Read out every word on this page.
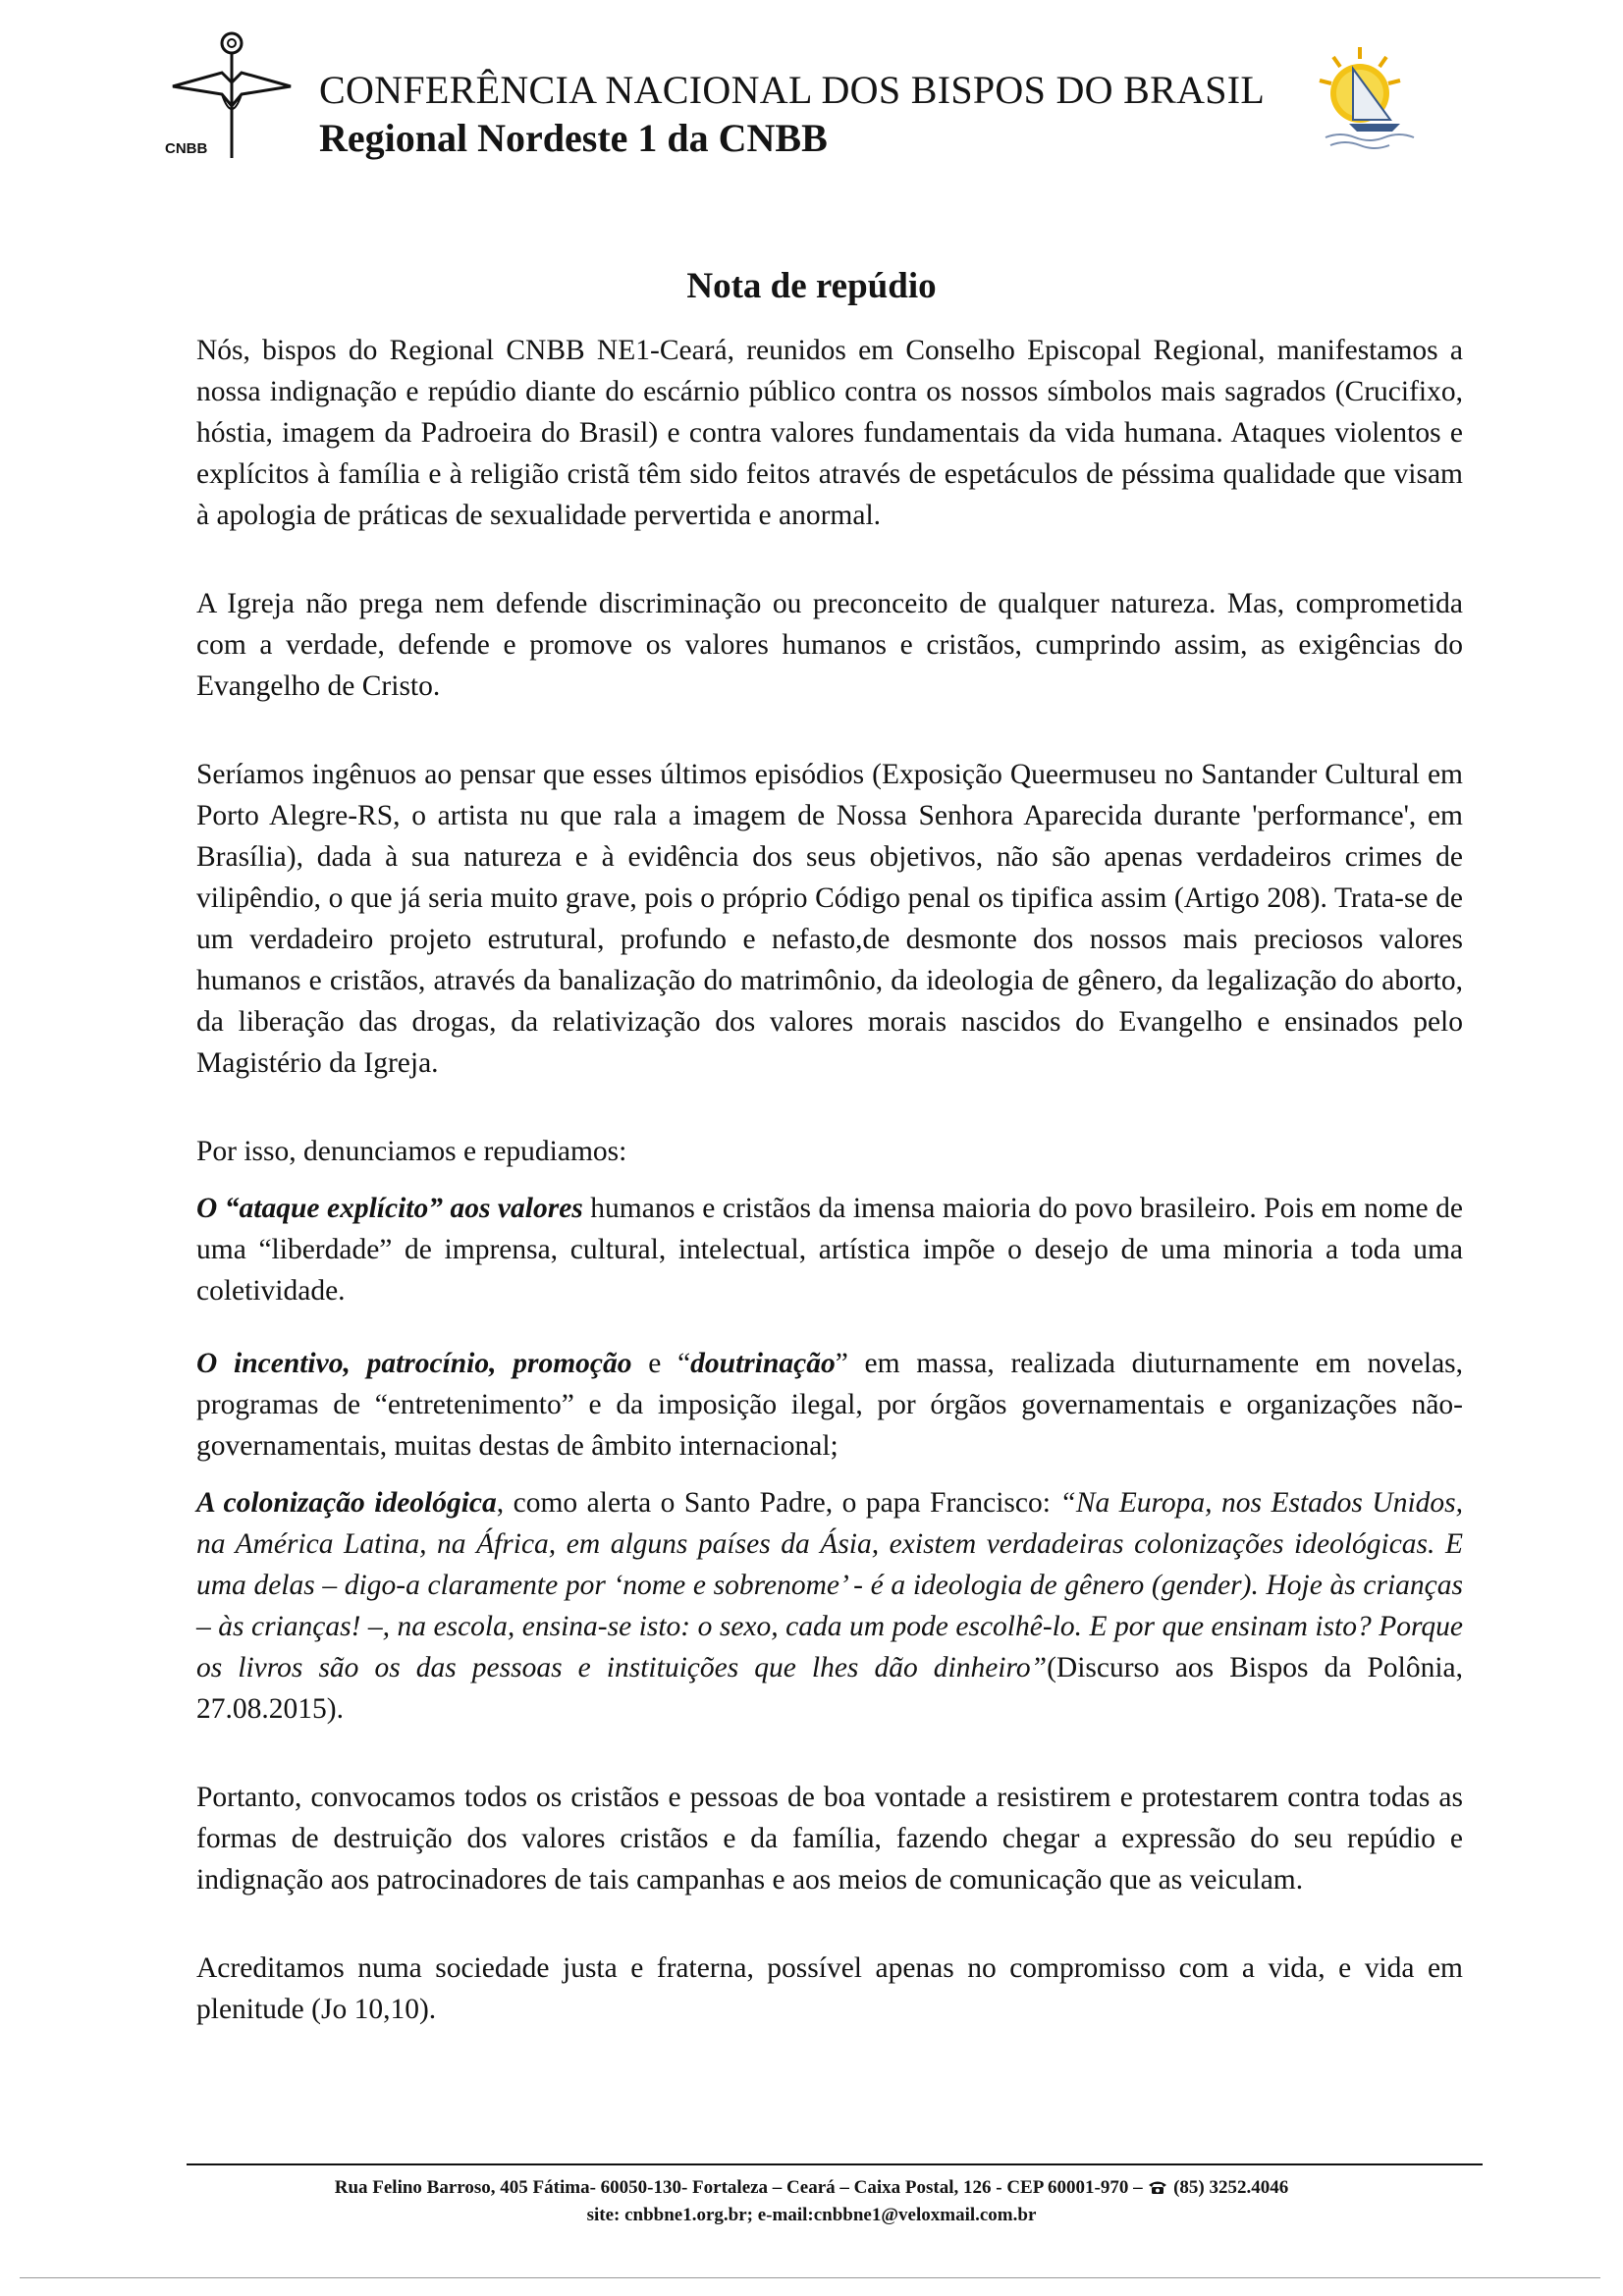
CNBB
CONFERÊNCIA NACIONAL DOS BISPOS DO BRASIL
Regional Nordeste 1 da CNBB
Nota de repúdio

Nós, bispos do Regional CNBB NE1-Ceará, reunidos em Conselho Episcopal Regional, manifestamos a nossa indignação e repúdio diante do escárnio público contra os nossos símbolos mais sagrados (Crucifixo, hóstia, imagem da Padroeira do Brasil) e contra valores fundamentais da vida humana. Ataques violentos e explícitos à família e à religião cristã têm sido feitos através de espetáculos de péssima qualidade que visam à apologia de práticas de sexualidade pervertida e anormal.

A Igreja não prega nem defende discriminação ou preconceito de qualquer natureza. Mas, comprometida com a verdade, defende e promove os valores humanos e cristãos, cumprindo assim, as exigências do Evangelho de Cristo.

Seríamos ingênuos ao pensar que esses últimos episódios (Exposição Queermuseu no Santander Cultural em Porto Alegre-RS, o artista nu que rala a imagem de Nossa Senhora Aparecida durante 'performance', em Brasília), dada à sua natureza e à evidência dos seus objetivos, não são apenas verdadeiros crimes de vilipêndio, o que já seria muito grave, pois o próprio Código penal os tipifica assim (Artigo 208). Trata-se de um verdadeiro projeto estrutural, profundo e nefasto,de desmonte dos nossos mais preciosos valores humanos e cristãos, através da banalização do matrimônio, da ideologia de gênero, da legalização do aborto, da liberação das drogas, da relativização dos valores morais nascidos do Evangelho e ensinados pelo Magistério da Igreja.

Por isso, denunciamos e repudiamos:

O “ataque explícito” aos valores humanos e cristãos da imensa maioria do povo brasileiro. Pois em nome de uma “liberdade” de imprensa, cultural, intelectual, artística impõe o desejo de uma minoria a toda uma coletividade.

O incentivo, patrocínio, promoção e “doutrinação” em massa, realizada diuturnamente em novelas, programas de “entretenimento” e da imposição ilegal, por órgãos governamentais e organizações não-governamentais, muitas destas de âmbito internacional;

A colonização ideológica, como alerta o Santo Padre, o papa Francisco: “Na Europa, nos Estados Unidos, na América Latina, na África, em alguns países da Ásia, existem verdadeiras colonizações ideológicas. E uma delas – digo-a claramente por ‘nome e sobrenome’ - é a ideologia de gênero (gender). Hoje às crianças – às crianças! –, na escola, ensina-se isto: o sexo, cada um pode escolhê-lo. E por que ensinam isto? Porque os livros são os das pessoas e instituições que lhes dão dinheiro”(Discurso aos Bispos da Polônia, 27.08.2015).

Portanto, convocamos todos os cristãos e pessoas de boa vontade a resistirem e protestarem contra todas as formas de destruição dos valores cristãos e da família, fazendo chegar a expressão do seu repúdio e indignação aos patrocinadores de tais campanhas e aos meios de comunicação que as veiculam.

Acreditamos numa sociedade justa e fraterna, possível apenas no compromisso com a vida, e vida em plenitude (Jo 10,10).

Rua Felino Barroso, 405 Fátima- 60050-130- Fortaleza – Ceará – Caixa Postal, 126 - CEP 60001-970 – (85) 3252.4046
site: cnbbne1.org.br; e-mail:cnbbne1@veloxmail.com.br
